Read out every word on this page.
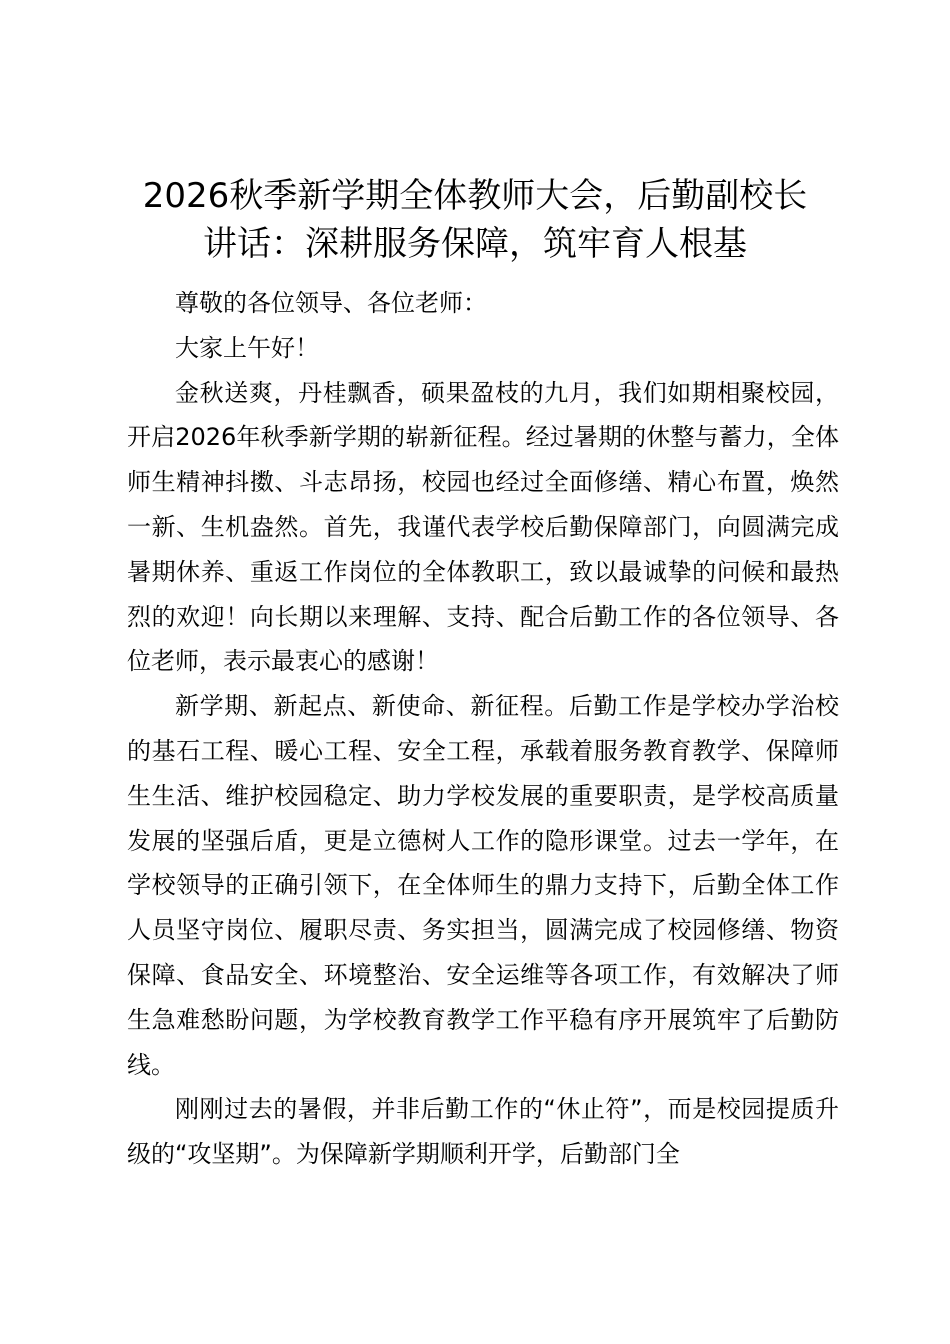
2026秋季新学期全体教师大会，后勤副校长
讲话：深耕服务保障，筑牢育人根基

尊敬的各位领导、各位老师：

大家上午好！

金秋送爽，丹桂飘香，硕果盈枝的九月，我们如期相聚校园，开启2026年秋季新学期的崭新征程。经过暑期的休整与蓄力，全体师生精神抖擞、斗志昂扬，校园也经过全面修缮、精心布置，焕然一新、生机盎然。首先，我谨代表学校后勤保障部门，向圆满完成暑期休养、重返工作岗位的全体教职工，致以最诚挚的问候和最热烈的欢迎！向长期以来理解、支持、配合后勤工作的各位领导、各位老师，表示最衷心的感谢！

新学期、新起点、新使命、新征程。后勤工作是学校办学治校的基石工程、暖心工程、安全工程，承载着服务教育教学、保障师生生活、维护校园稳定、助力学校发展的重要职责，是学校高质量发展的坚强后盾，更是立德树人工作的隐形课堂。过去一学年，在学校领导的正确引领下，在全体师生的鼎力支持下，后勤全体工作人员坚守岗位、履职尽责、务实担当，圆满完成了校园修缮、物资保障、食品安全、环境整治、安全运维等各项工作，有效解决了师生急难愁盼问题，为学校教育教学工作平稳有序开展筑牢了后勤防线。

刚刚过去的暑假，并非后勤工作的“休止符”，而是校园提质升级的“攻坚期”。为保障新学期顺利开学，后勤部门全
